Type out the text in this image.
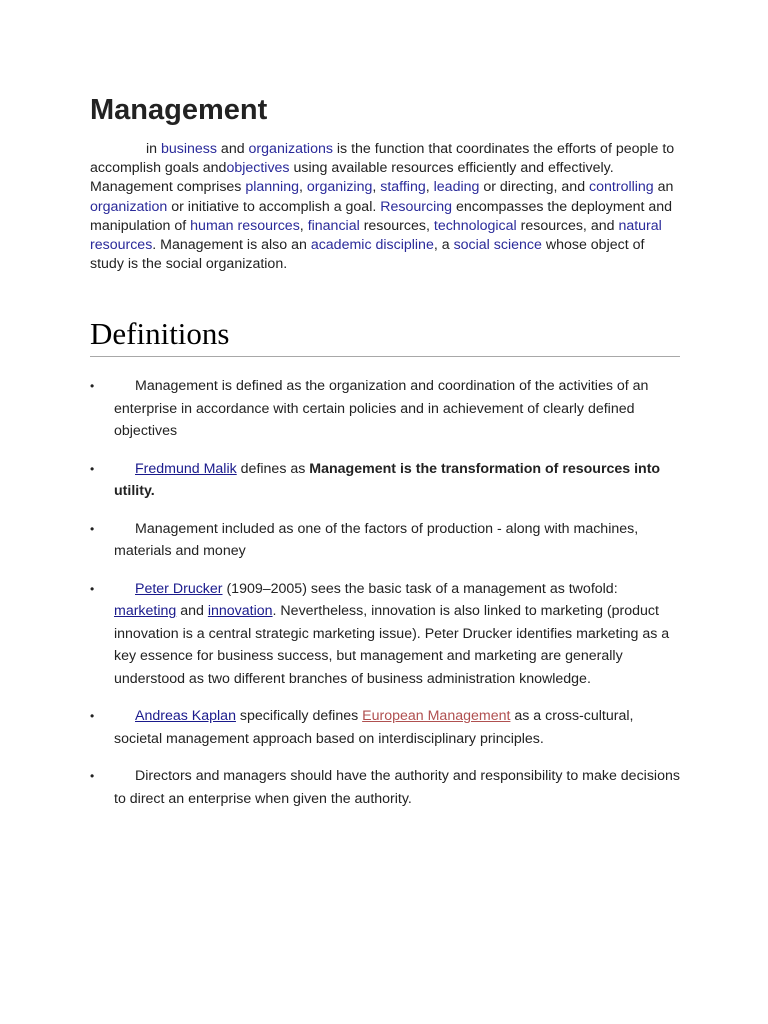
Management

in business and organizations is the function that coordinates the efforts of people to accomplish goals andobjectives using available resources efficiently and effectively. Management comprises planning, organizing, staffing, leading or directing, and controlling an organization or initiative to accomplish a goal. Resourcing encompasses the deployment and manipulation of human resources, financial resources, technological resources, and natural resources. Management is also an academic discipline, a social science whose object of study is the social organization.

Definitions
•	Management is defined as the organization and coordination of the activities of an enterprise in accordance with certain policies and in achievement of clearly defined objectives
•	Fredmund Malik defines as Management is the transformation of resources into utility.
•	Management included as one of the factors of production - along with machines, materials and money
•	Peter Drucker (1909–2005) sees the basic task of a management as twofold: marketing and innovation. Nevertheless, innovation is also linked to marketing (product innovation is a central strategic marketing issue). Peter Drucker identifies marketing as a key essence for business success, but management and marketing are generally understood as two different branches of business administration knowledge.
•	Andreas Kaplan specifically defines European Management as a cross-cultural, societal management approach based on interdisciplinary principles.
•	Directors and managers should have the authority and responsibility to make decisions to direct an enterprise when given the authority.
